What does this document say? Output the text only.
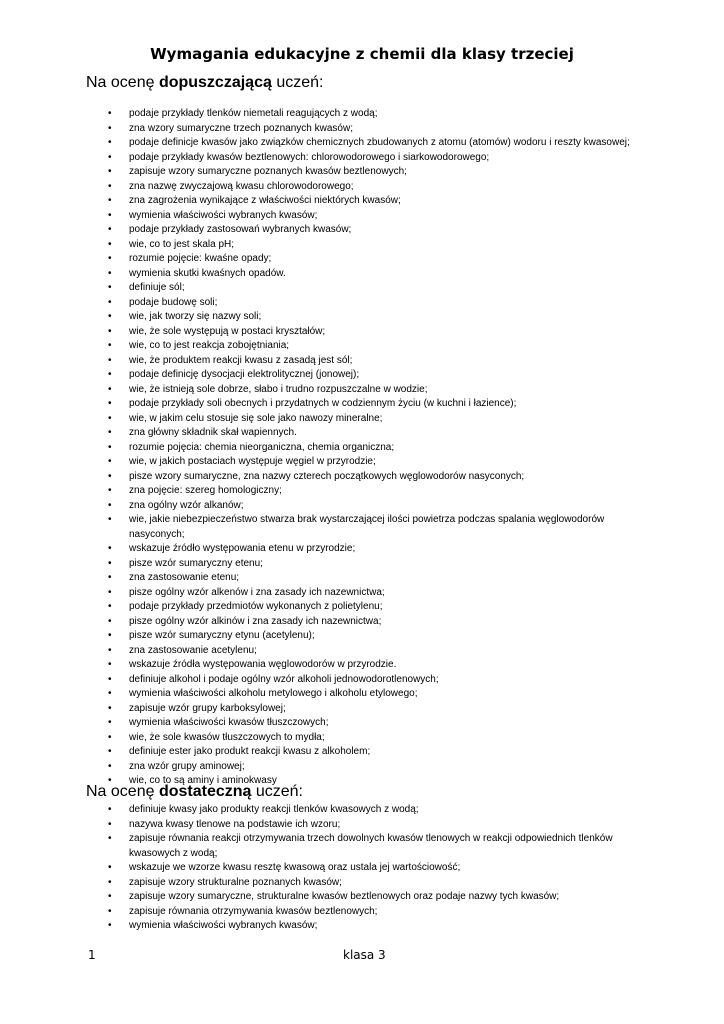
Wymagania edukacyjne z chemii dla klasy trzeciej
Na ocenę dopuszczającą uczeń:
• podaje przykłady tlenków niemetali reagujących z wodą;
• zna wzory sumaryczne trzech poznanych kwasów;
• podaje definicje kwasów jako związków chemicznych zbudowanych z atomu (atomów) wodoru i reszty kwasowej;
• podaje przykłady kwasów beztlenowych: chlorowodorowego i siarkowodorowego;
• zapisuje wzory sumaryczne poznanych kwasów beztlenowych;
• zna nazwę zwyczajową kwasu chlorowodorowego;
• zna zagrożenia wynikające z właściwości niektórych kwasów;
• wymienia właściwości wybranych kwasów;
• podaje przykłady zastosowań wybranych kwasów;
• wie, co to jest skala pH;
• rozumie pojęcie: kwaśne opady;
• wymienia skutki kwaśnych opadów.
• definiuje sól;
• podaje budowę soli;
• wie, jak tworzy się nazwy soli;
• wie, że sole występują w postaci kryształów;
• wie, co to jest reakcja zobojętniania;
• wie, że produktem reakcji kwasu z zasadą jest sól;
• podaje definicję dysocjacji elektrolitycznej (jonowej);
• wie, że istnieją sole dobrze, słabo i trudno rozpuszczalne w wodzie;
• podaje przykłady soli obecnych i przydatnych w codziennym życiu (w kuchni i łazience);
• wie, w jakim celu stosuje się sole jako nawozy mineralne;
• zna główny składnik skał wapiennych.
• rozumie pojęcia: chemia nieorganiczna, chemia organiczna;
• wie, w jakich postaciach występuje węgiel w przyrodzie;
• pisze wzory sumaryczne, zna nazwy czterech początkowych węglowodorów nasyconych;
• zna pojęcie: szereg homologiczny;
• zna ogólny wzór alkanów;
• wie, jakie niebezpieczeństwo stwarza brak wystarczającej ilości powietrza podczas spalania węglowodorów nasyconych;
• wskazuje źródło występowania etenu w przyrodzie;
• pisze wzór sumaryczny etenu;
• zna zastosowanie etenu;
• pisze ogólny wzór alkenów i zna zasady ich nazewnictwa;
• podaje przykłady przedmiotów wykonanych z polietylenu;
• pisze ogólny wzór alkinów i zna zasady ich nazewnictwa;
• pisze wzór sumaryczny etynu (acetylenu);
• zna zastosowanie acetylenu;
• wskazuje źródła występowania węglowodorów w przyrodzie.
• definiuje alkohol i podaje ogólny wzór alkoholi jednowodorotlenowych;
• wymienia właściwości alkoholu metylowego i alkoholu etylowego;
• zapisuje wzór grupy karboksylowej;
• wymienia właściwości kwasów tłuszczowych;
• wie, że sole kwasów tłuszczowych to mydła;
• definiuje ester jako produkt reakcji kwasu z alkoholem;
• zna wzór grupy aminowej;
• wie, co to są aminy i aminokwasy
Na ocenę dostateczną uczeń:
• definiuje kwasy jako produkty reakcji tlenków kwasowych z wodą;
• nazywa kwasy tlenowe na podstawie ich wzoru;
• zapisuje równania reakcji otrzymywania trzech dowolnych kwasów tlenowych w reakcji odpowiednich tlenków kwasowych z wodą;
• wskazuje we wzorze kwasu resztę kwasową oraz ustala jej wartościowość;
• zapisuje wzory strukturalne poznanych kwasów;
• zapisuje wzory sumaryczne, strukturalne kwasów beztlenowych oraz podaje nazwy tych kwasów;
• zapisuje równania otrzymywania kwasów beztlenowych;
• wymienia właściwości wybranych kwasów;
1	klasa 3
